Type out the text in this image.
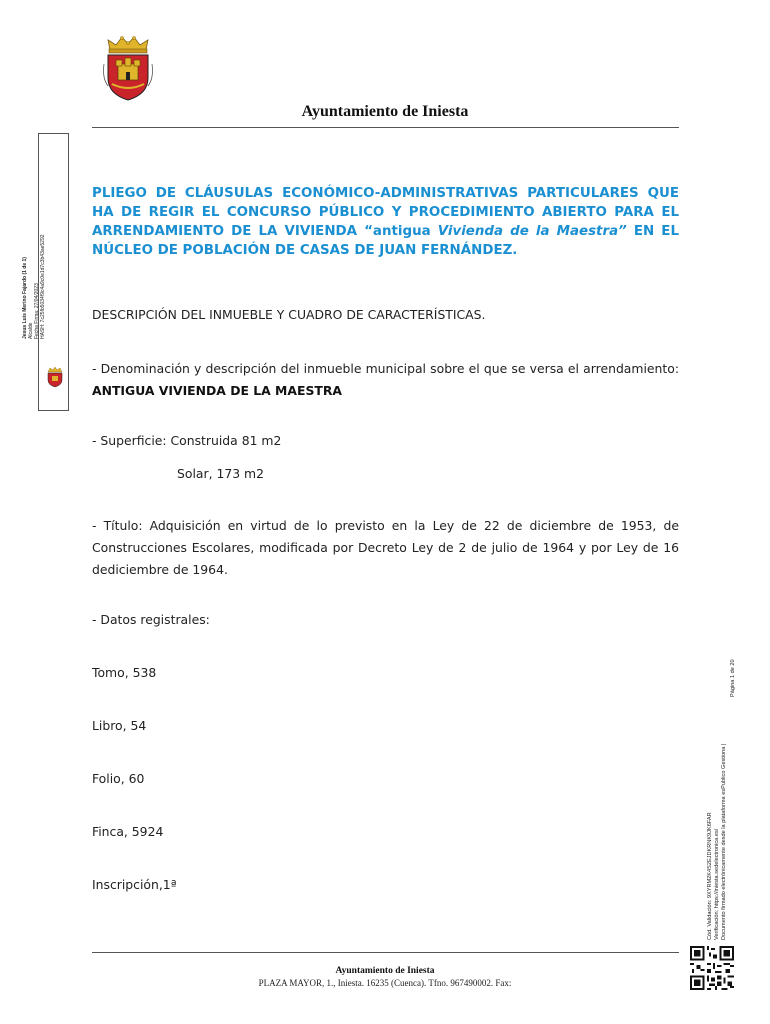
Ayuntamiento de Iniesta
Jesus Luis Merino Fajardo (1 de 1) Alcalde Fecha Firma: 27/04/2023 HASH: 7c25fb5034f9c4a9c0e1d7c3b43ae5292
PLIEGO DE CLÁUSULAS ECONÓMICO-ADMINISTRATIVAS PARTICULARES QUE HA DE REGIR EL CONCURSO PÚBLICO Y PROCEDIMIENTO ABIERTO PARA EL ARRENDAMIENTO DE LA VIVIENDA “antigua Vivienda de la Maestra” EN EL NÚCLEO DE POBLACIÓN DE CASAS DE JUAN FERNÁNDEZ.
DESCRIPCIÓN DEL INMUEBLE Y CUADRO DE CARACTERÍSTICAS.
- Denominación y descripción del inmueble municipal sobre el que se versa el arrendamiento: ANTIGUA VIVIENDA DE LA MAESTRA
- Superficie: Construida 81 m2
Solar, 173 m2
- Título: Adquisición en virtud de lo previsto en la Ley de 22 de diciembre de 1953, de Construcciones Escolares, modificada por Decreto Ley de 2 de julio de 1964 y por Ley de 16 dediciembre de 1964.
- Datos registrales:
Tomo, 538
Libro, 54
Folio, 60
Finca, 5924
Inscripción,1ª	Cód. Validación: 9XYRM2K4S2EJDKRNK9JK6FAR Verificación: https://iniesta.sedelectronica.es/ Documento firmado electrónicamente desde la plataforma esPublico Gestiona |
Página 1 de 20
Ayuntamiento de Iniesta
PLAZA MAYOR, 1., Iniesta. 16235 (Cuenca). Tfno. 967490002. Fax:
